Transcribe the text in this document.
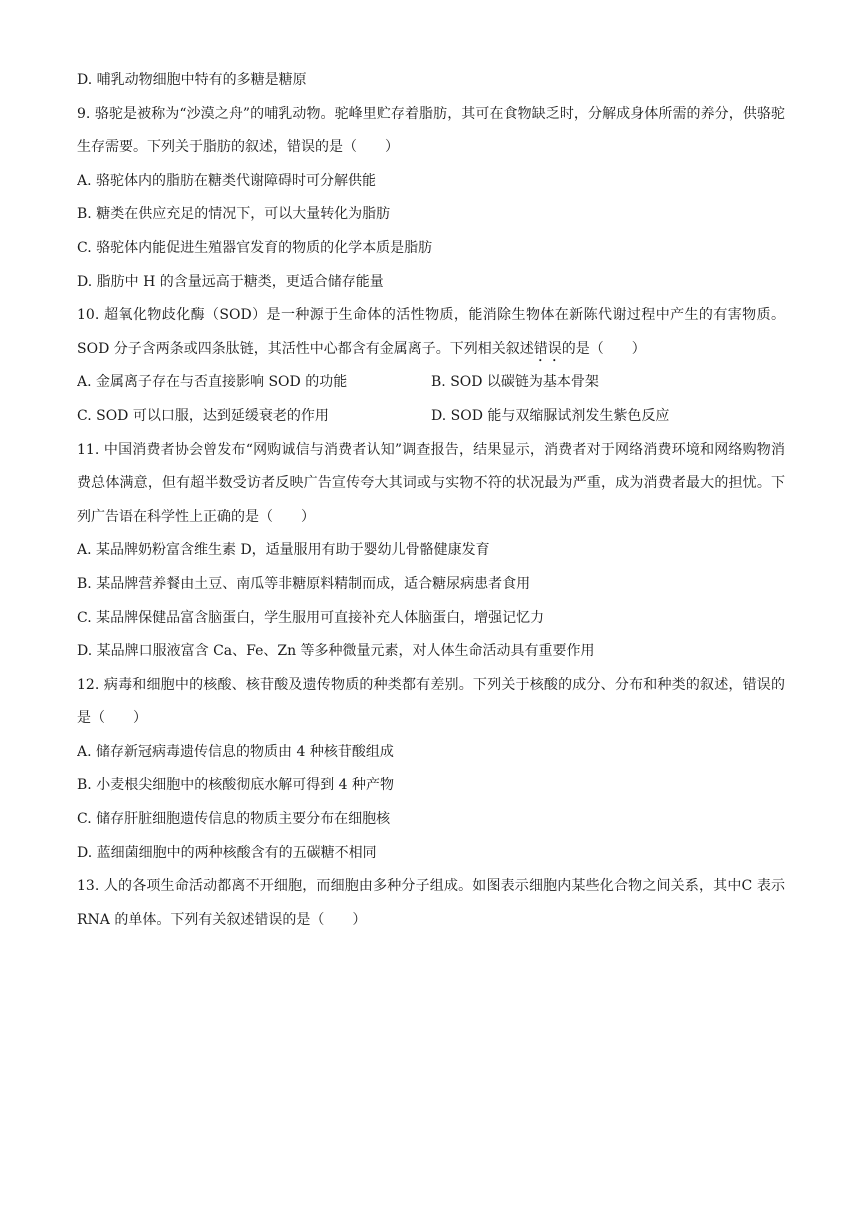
D. 哺乳动物细胞中特有的多糖是糖原
9. 骆驼是被称为“沙漠之舟”的哺乳动物。驼峰里贮存着脂肪，其可在食物缺乏时，分解成身体所需的养分，供骆驼生存需要。下列关于脂肪的叙述，错误的是（　　）
A. 骆驼体内的脂肪在糖类代谢障碍时可分解供能
B. 糖类在供应充足的情况下，可以大量转化为脂肪
C. 骆驼体内能促进生殖器官发育的物质的化学本质是脂肪
D. 脂肪中 H 的含量远高于糖类，更适合储存能量
10. 超氧化物歧化酶（SOD）是一种源于生命体的活性物质，能消除生物体在新陈代谢过程中产生的有害物质。SOD 分子含两条或四条肽链，其活性中心都含有金属离子。下列相关叙述错误的是（　　）
A. 金属离子存在与否直接影响 SOD 的功能	B. SOD 以碳链为基本骨架
C. SOD 可以口服，达到延缓衰老的作用	D. SOD 能与双缩脲试剂发生紫色反应
11. 中国消费者协会曾发布“网购诚信与消费者认知”调查报告，结果显示，消费者对于网络消费环境和网络购物消费总体满意，但有超半数受访者反映广告宣传夸大其词或与实物不符的状况最为严重，成为消费者最大的担忧。下列广告语在科学性上正确的是（　　）
A. 某品牌奶粉富含维生素 D，适量服用有助于婴幼儿骨骼健康发育
B. 某品牌营养餐由土豆、南瓜等非糖原料精制而成，适合糖尿病患者食用
C. 某品牌保健品富含脑蛋白，学生服用可直接补充人体脑蛋白，增强记忆力
D. 某品牌口服液富含 Ca、Fe、Zn 等多种微量元素，对人体生命活动具有重要作用
12. 病毒和细胞中的核酸、核苷酸及遗传物质的种类都有差别。下列关于核酸的成分、分布和种类的叙述，错误的是（　　）
A. 储存新冠病毒遗传信息的物质由 4 种核苷酸组成
B. 小麦根尖细胞中的核酸彻底水解可得到 4 种产物
C. 储存肝脏细胞遗传信息的物质主要分布在细胞核
D. 蓝细菌细胞中的两种核酸含有的五碳糖不相同
13. 人的各项生命活动都离不开细胞，而细胞由多种分子组成。如图表示细胞内某些化合物之间关系，其中C 表示 RNA 的单体。下列有关叙述错误的是（　　）
